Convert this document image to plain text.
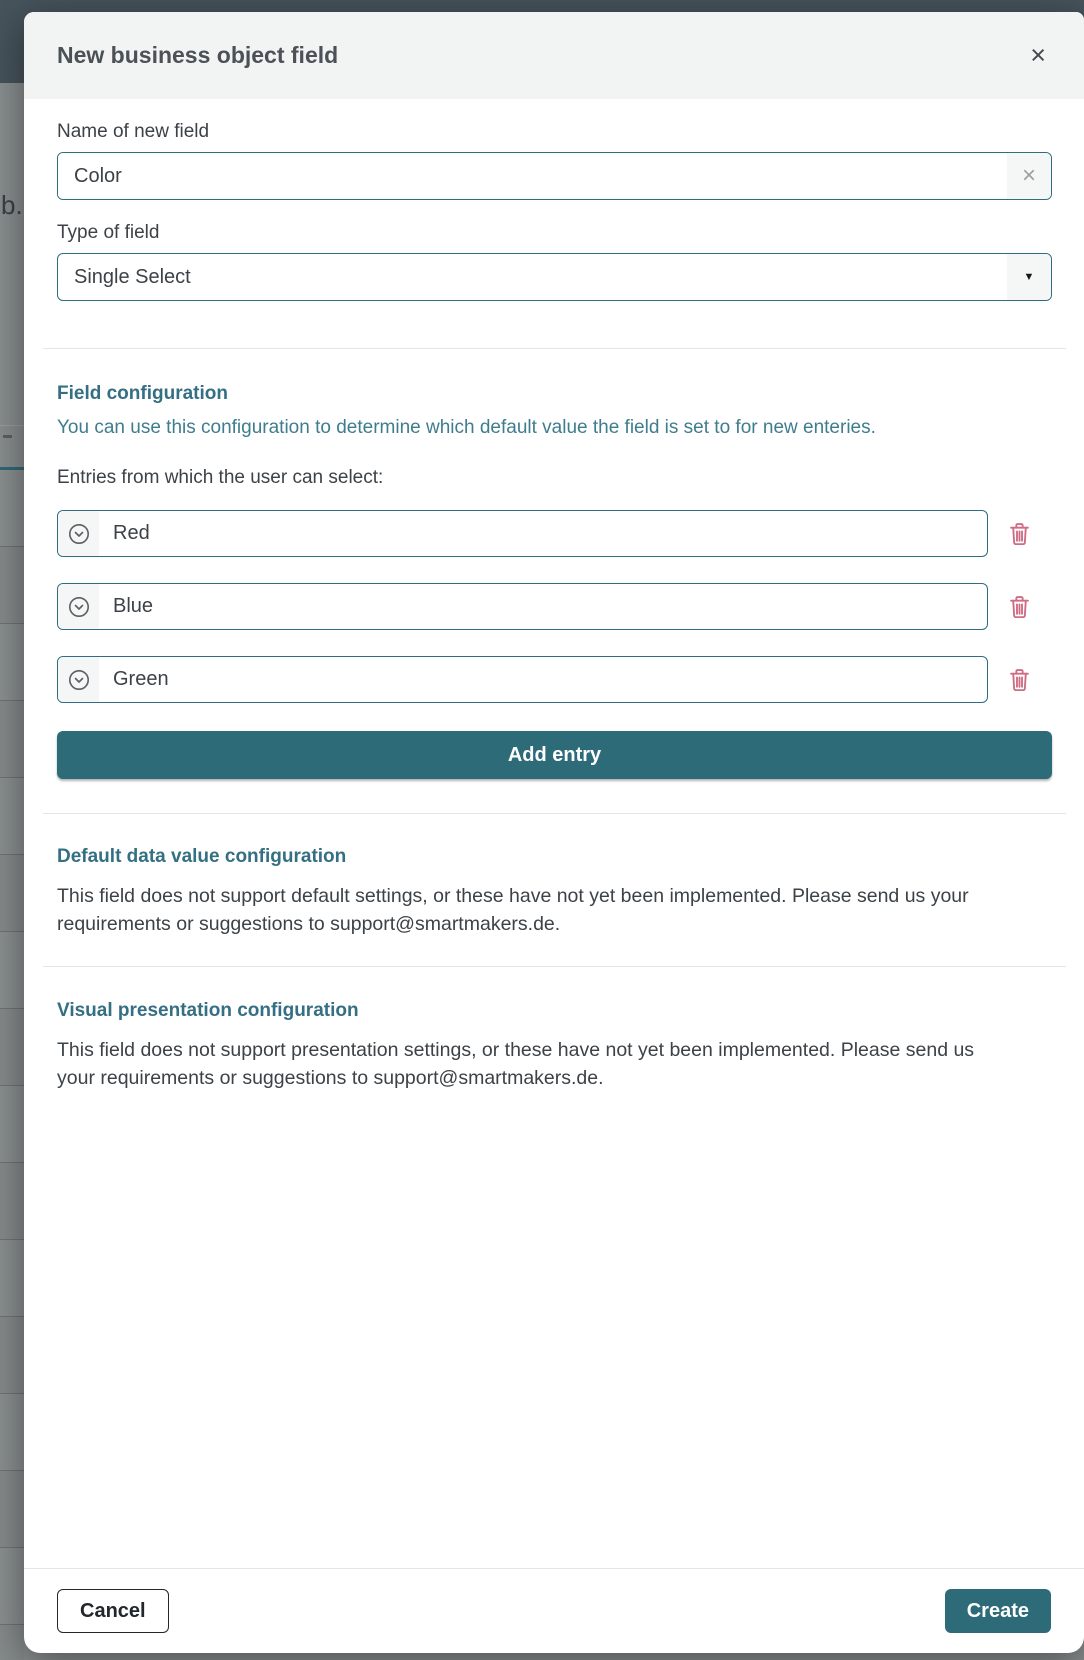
b.
New business object field	×
Name of new field
Color
×
Type of field
Single Select	▼
Field configuration
You can use this configuration to determine which default value the field is set to for new enteries.
Entries from which the user can select:
Red
Blue
Green
Add entry
Default data value configuration
This field does not support default settings, or these have not yet been implemented. Please send us your requirements or suggestions to support@smartmakers.de.
Visual presentation configuration
This field does not support presentation settings, or these have not yet been implemented. Please send us your requirements or suggestions to support@smartmakers.de.
Cancel	Create
